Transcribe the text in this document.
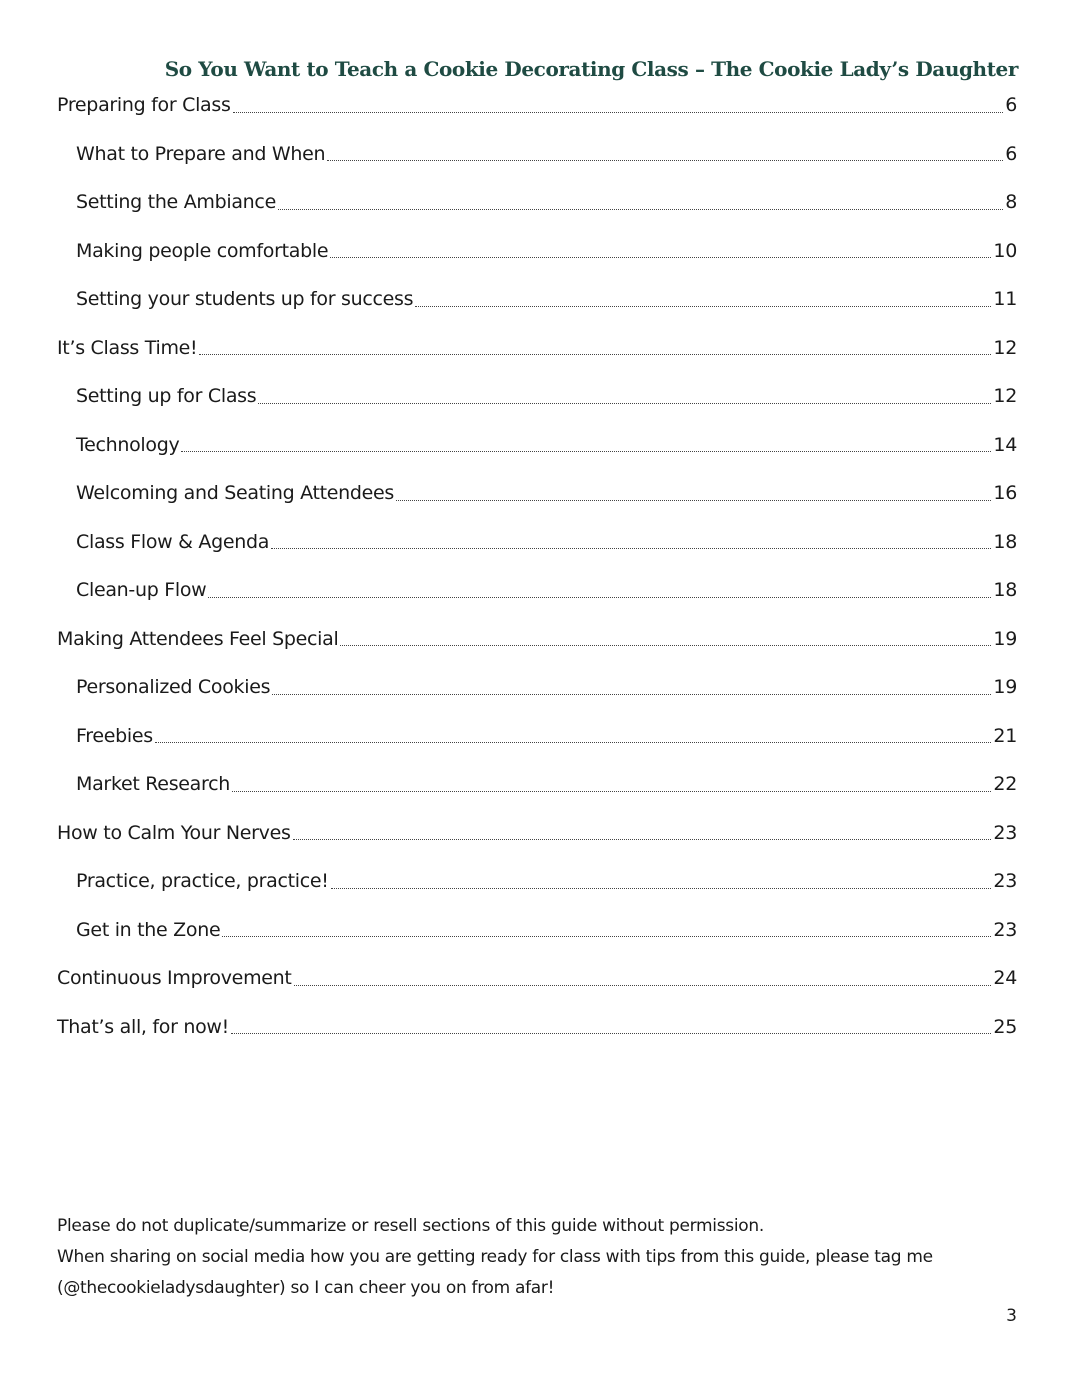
So You Want to Teach a Cookie Decorating Class – The Cookie Lady’s Daughter
Preparing for Class	6
What to Prepare and When	6
Setting the Ambiance	8
Making people comfortable	10
Setting your students up for success	11
It’s Class Time!	12
Setting up for Class	12
Technology	14
Welcoming and Seating Attendees	16
Class Flow & Agenda	18
Clean-up Flow	18
Making Attendees Feel Special	19
Personalized Cookies	19
Freebies	21
Market Research	22
How to Calm Your Nerves	23
Practice, practice, practice!	23
Get in the Zone	23
Continuous Improvement	24
That’s all, for now!	25

Please do not duplicate/summarize or resell sections of this guide without permission.

When sharing on social media how you are getting ready for class with tips from this guide, please tag me (@thecookieladysdaughter) so I can cheer you on from afar!

3
